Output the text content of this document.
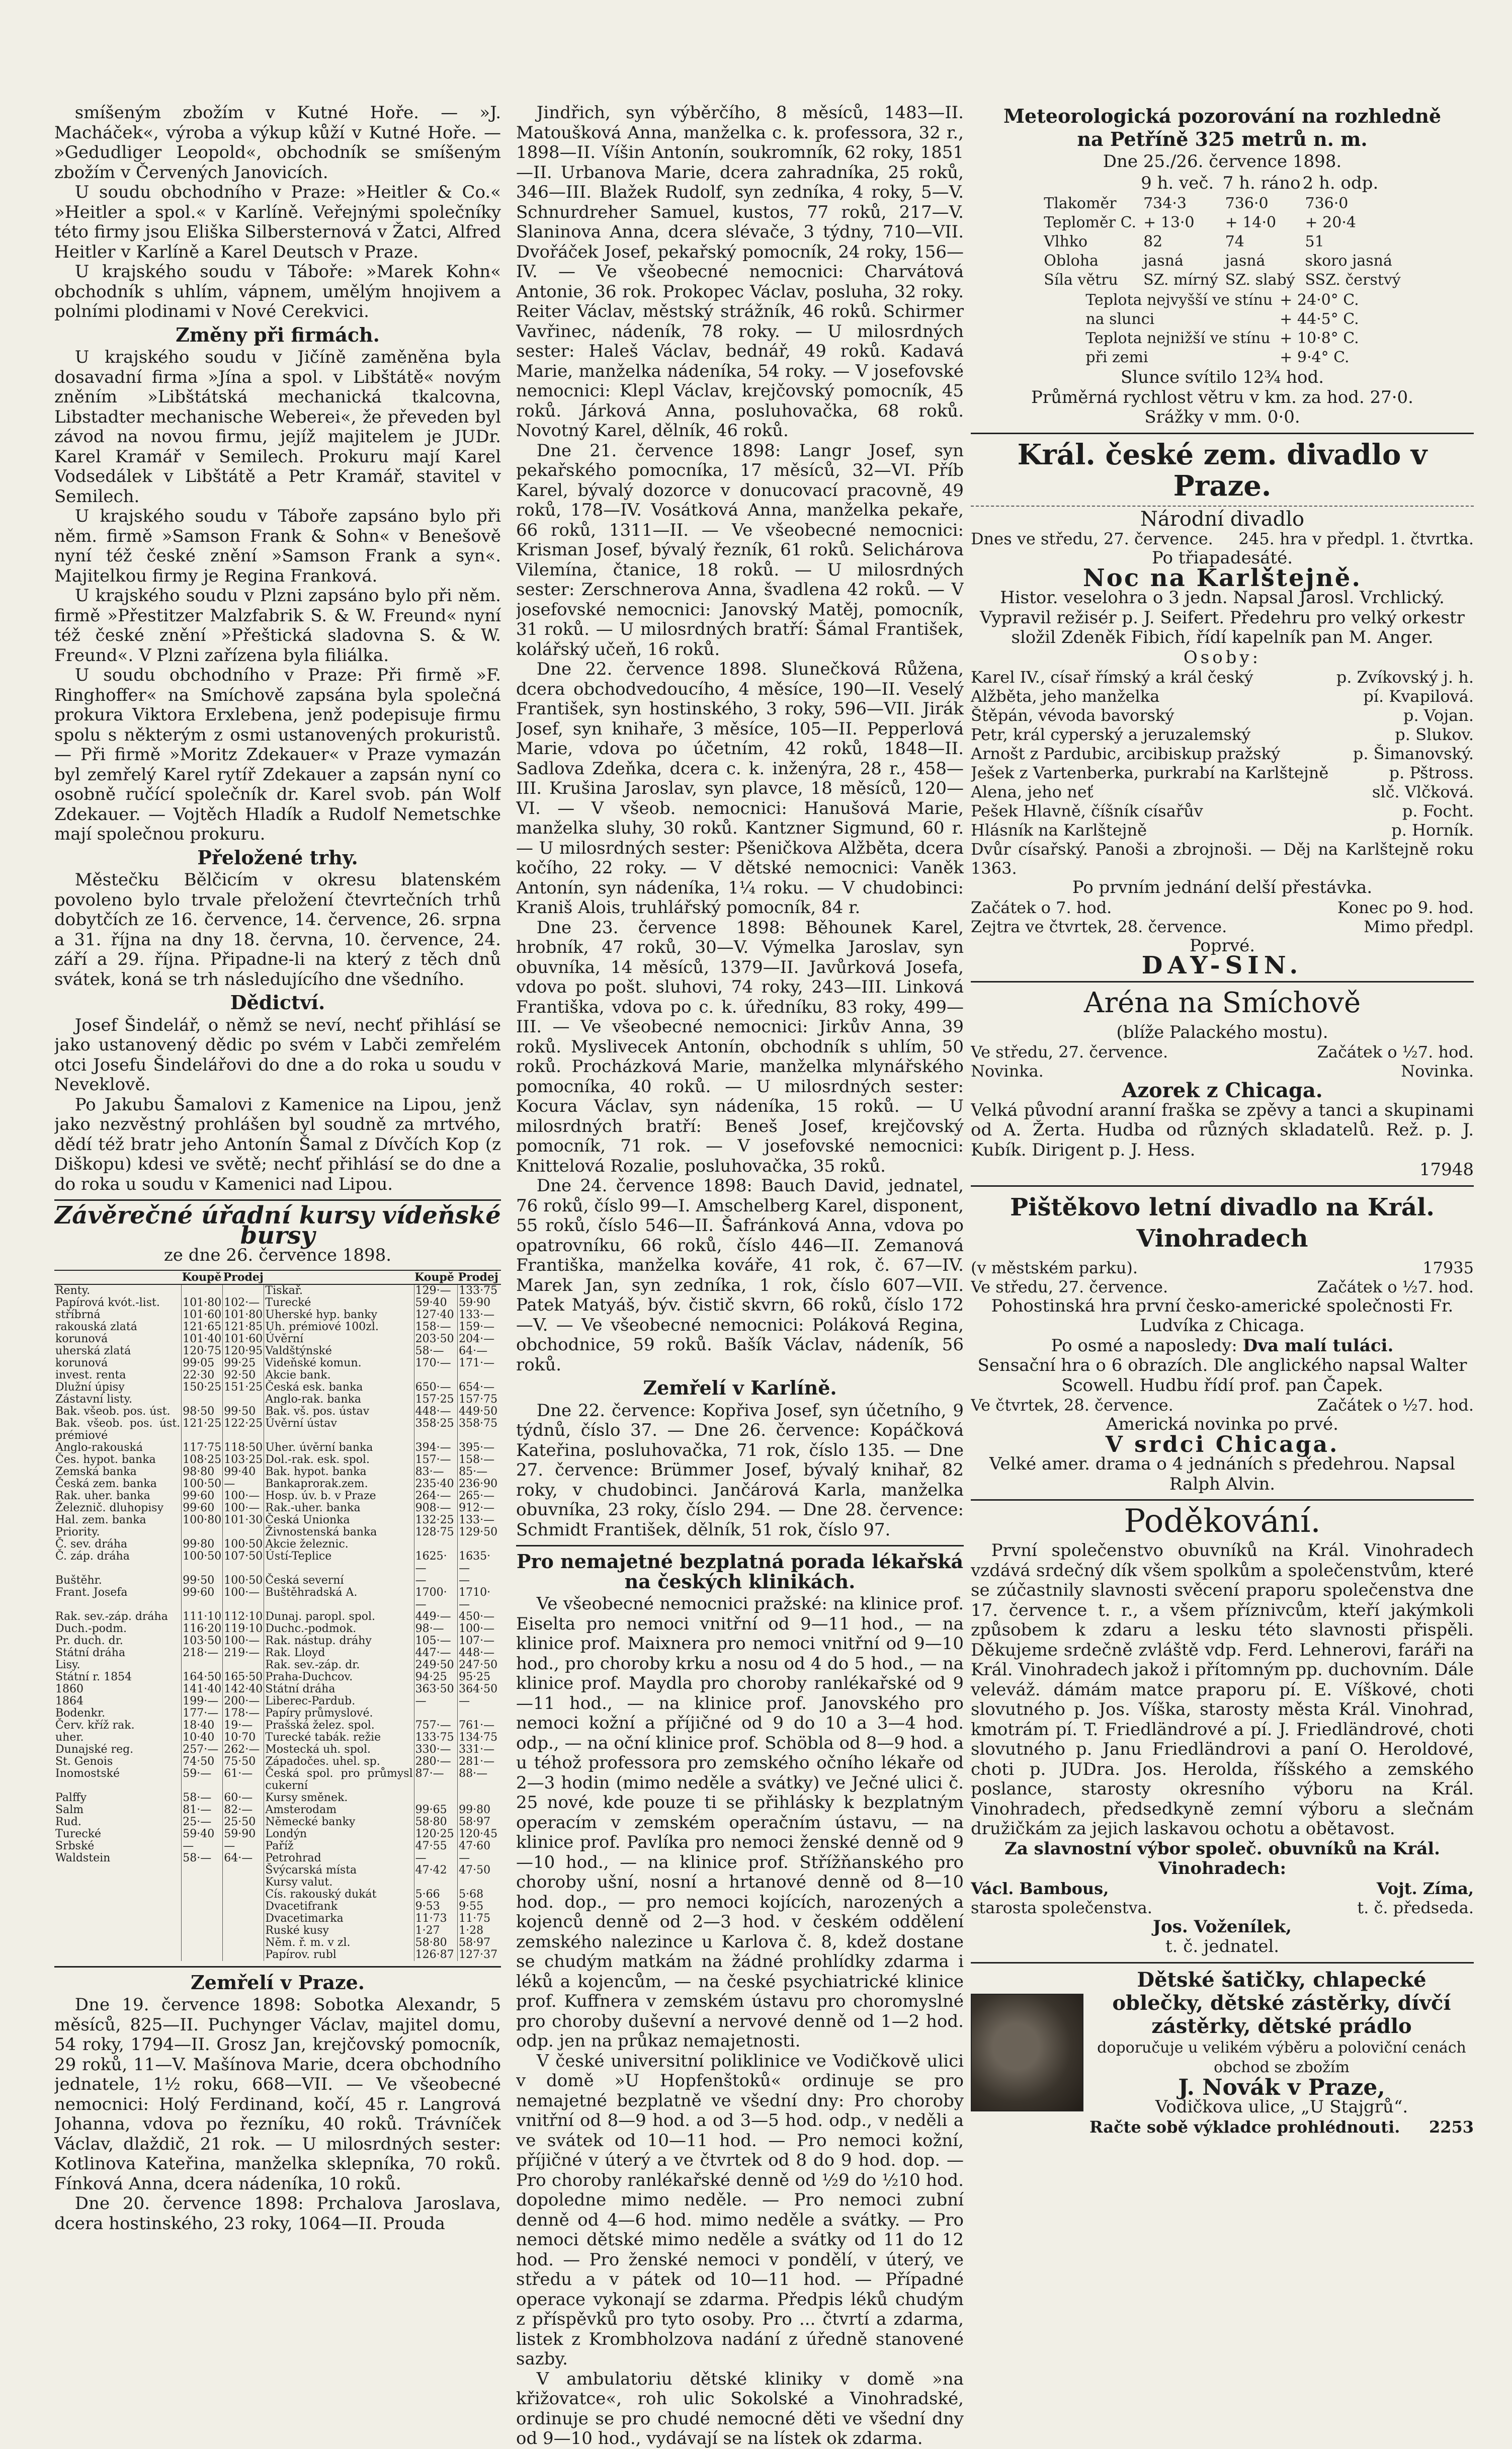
smíšeným zbožím v Kutné Hoře. — »J. Macháček«, výroba a výkup kůží v Kutné Hoře. — »Gedudliger Leopold«, obchodník se smíšeným zbožím v Červených Janovicích.

U soudu obchodního v Praze: »Heitler & Co.« »Heitler a spol.« v Karlíně. Veřejnými společníky této firmy jsou Eliška Silbersternová v Žatci, Alfred Heitler v Karlíně a Karel Deutsch v Praze.

U krajského soudu v Táboře: »Marek Kohn« obchodník s uhlím, vápnem, umělým hnojivem a polními plodinami v Nové Cerekvici.

Změny při firmách.

U krajského soudu v Jičíně zaměněna byla dosavadní firma »Jína a spol. v Libštátě« novým zněním »Libštátská mechanická tkalcovna, Libstadter mechanische Weberei«, že převeden byl závod na novou firmu, jejíž majitelem je JUDr. Karel Kramář v Semilech. Prokuru mají Karel Vodsedálek v Libštátě a Petr Kramář, stavitel v Semilech.

U krajského soudu v Táboře zapsáno bylo při něm. firmě »Samson Frank & Sohn« v Benešově nyní též české znění »Samson Frank a syn«. Majitelkou firmy je Regina Franková.

U krajského soudu v Plzni zapsáno bylo při něm. firmě »Přestitzer Malzfabrik S. & W. Freund« nyní též české znění »Přeštická sladovna S. & W. Freund«. V Plzni zařízena byla filiálka.

U soudu obchodního v Praze: Při firmě »F. Ringhoffer« na Smíchově zapsána byla společná prokura Viktora Erxlebena, jenž podepisuje firmu spolu s některým z osmi ustanovených prokuristů. — Při firmě »Moritz Zdekauer« v Praze vymazán byl zemřelý Karel rytíř Zdekauer a zapsán nyní co osobně ručící společník dr. Karel svob. pán Wolf Zdekauer. — Vojtěch Hladík a Rudolf Nemetschke mají společnou prokuru.

Přeložené trhy.

Městečku Bělčicím v okresu blatenském povoleno bylo trvale přeložení čtevrtečních trhů dobytčích ze 16. července, 14. července, 26. srpna a 31. října na dny 18. června, 10. července, 24. září a 29. října. Připadne-li na který z těch dnů svátek, koná se trh následujícího dne všedního.

Dědictví.

Josef Šindelář, o němž se neví, nechť přihlásí se jako ustanovený dědic po svém v Labči zemřelém otci Josefu Šindelářovi do dne a do roka u soudu v Neveklově.

Po Jakubu Šamalovi z Kamenice na Lipou, jenž jako nezvěstný prohlášen byl soudně za mrtvého, dědí též bratr jeho Antonín Šamal z Dívčích Kop (z Diškopu) kdesi ve světě; nechť přihlásí se do dne a do roka u soudu v Kamenici nad Lipou.

Závěrečné úřadní kursy vídeňské bursy
ze dne 26. července 1898.
	Koupě	Prodej		Koupě	Prodej
Renty.			Tiskař.	129·—	133·75
Papírová kvót.-list.	101·80	102·—	Turecké	59·40	59·90
stříbrná	101·60	101·80	Uherské hyp. banky	127·40	133·—
rakouská zlatá	121·65	121·85	Uh. prémiové 100zl.	158·—	159·—
korunová	101·40	101·60	Úvěrní	203·50	204·—
uherská zlatá	120·75	120·95	Valdštýnské	58·—	64·—
korunová	99·05	99·25	Videňské komun.	170·—	171·—
invest. renta	22·30	92·50	Akcie bank.		
Dlužní úpisy	150·25	151·25	Česká esk. banka	650·—	654·—
Zástavní listy.			Anglo-rak. banka	157·25	157·75
Bak. všeob. pos. úst.	98·50	99·50	Bak. vš. pos. ústav	448·—	449·50
Bak. všeob. pos. úst. prémiové	121·25	122·25	Úvěrní ústav	358·25	358·75
Anglo-rakouská	117·75	118·50	Uher. úvěrní banka	394·—	395·—
Čes. hypot. banka	108·25	103·25	Dol.-rak. esk. spol.	157·—	158·—
Zemská banka	98·80	99·40	Bak. hypot. banka	83·—	85·—
Česká zem. banka	100·50	—	Bankaprorak.zem.	235·40	236·90
Rak. uher. banka	99·60	100·—	Hosp. úv. b. v Praze	264·—	265·—
Železnič. dluhopisy	99·60	100·—	Rak.-uher. banka	908·—	912·—
Hal. zem. banka	100·80	101·30	Česká Unionka	132·25	133·—
Priority.			Živnostenská banka	128·75	129·50
Č. sev. dráha	99·80	100·50	Akcie železnic.		
Č. záp. dráha	100·50	107·50	Ústí-Teplice	1625·—	1635·—
Buštěhr.	99·50	100·50	Česká severní	—	—
Frant. Josefa	99·60	100·—	Buštěhradská A.	1700·—	1710·—
Rak. sev.-záp. dráha	111·10	112·10	Dunaj. paropl. spol.	449·—	450·—
Duch.-podm.	116·20	119·10	Duchc.-podmok.	98·—	100·—
Pr. duch. dr.	103·50	100·—	Rak. nástup. dráhy	105·—	107·—
Státní dráha	218·—	219·—	Rak. Lloyd	447·—	448·—
Lisy.			Rak. sev.-záp. dr.	249·50	247·50
Státní r. 1854	164·50	165·50	Praha-Duchcov.	94·25	95·25
1860	141·40	142·40	Státní dráha	363·50	364·50
1864	199·—	200·—	Liberec-Pardub.	—	—
Bodenkr.	177·—	178·—	Papíry průmyslové.		
Červ. kříž rak.	18·40	19·—	Prašská želez. spol.	757·—	761·—
uher.	10·40	10·70	Turecké tabák. režie	133·75	134·75
Dunajské reg.	257·—	262·—	Mostecká uh. spol.	330·—	331·—
St. Genois	74·50	75·50	Západočes. uhel. sp.	280·—	281·—
Inomostské	59·—	61·—	Česká spol. pro průmysl cukerní	87·—	88·—
Palffy	58·—	60·—	Kursy směnek.		
Salm	81·—	82·—	Amsterodam	99·65	99·80
Rud.	25·—	25·50	Německé banky	58·80	58·97
Turecké	59·40	59·90	Londýn	120·25	120·45
Srbské	—	—	Paříž	47·55	47·60
Waldstein	58·—	64·—	Petrohrad	—	—
			Švýcarská místa	47·42	47·50
			Kursy valut.		
			Cís. rakouský dukát	5·66	5·68
			Dvacetifrank	9·53	9·55
			Dvacetimarka	11·73	11·75
			Ruské kusy	1·27	1·28
			Něm. ř. m. v zl.	58·80	58·97
			Papírov. rubl	126·87	127·37
Zemřelí v Praze.

Dne 19. července 1898: Sobotka Alexandr, 5 měsíců, 825—II. Puchynger Václav, majitel domu, 54 roky, 1794—II. Grosz Jan, krejčovský pomocník, 29 roků, 11—V. Mašínova Marie, dcera obchodního jednatele, 1½ roku, 668—VII. — Ve všeobecné nemocnici: Holý Ferdinand, kočí, 45 r. Langrová Johanna, vdova po řezníku, 40 roků. Trávníček Václav, dlaždič, 21 rok. — U milosrdných sester: Kotlinova Kateřina, manželka sklepníka, 70 roků. Fínková Anna, dcera nádeníka, 10 roků.

Dne 20. července 1898: Prchalova Jaroslava, dcera hostinského, 23 roky, 1064—II. Prouda

Jindřich, syn výběrčího, 8 měsíců, 1483—II. Matoušková Anna, manželka c. k. professora, 32 r., 1898—II. Víšin Antonín, soukromník, 62 roky, 1851—II. Urbanova Marie, dcera zahradníka, 25 roků, 346—III. Blažek Rudolf, syn zedníka, 4 roky, 5—V. Schnurdreher Samuel, kustos, 77 roků, 217—V. Slaninova Anna, dcera slévače, 3 týdny, 710—VII. Dvořáček Josef, pekařský pomocník, 24 roky, 156—IV. — Ve všeobecné nemocnici: Charvátová Antonie, 36 rok. Prokopec Václav, posluha, 32 roky. Reiter Václav, městský strážník, 46 roků. Schirmer Vavřinec, nádeník, 78 roky. — U milosrdných sester: Haleš Václav, bednář, 49 roků. Kadavá Marie, manželka nádeníka, 54 roky. — V josefovské nemocnici: Klepl Václav, krejčovský pomocník, 45 roků. Járková Anna, posluhovačka, 68 roků. Novotný Karel, dělník, 46 roků.

Dne 21. července 1898: Langr Josef, syn pekařského pomocníka, 17 měsíců, 32—VI. Příb Karel, bývalý dozorce v donucovací pracovně, 49 roků, 178—IV. Vosátková Anna, manželka pekaře, 66 roků, 1311—II. — Ve všeobecné nemocnici: Krisman Josef, bývalý řezník, 61 roků. Selichárova Vilemína, čtanice, 18 roků. — U milosrdných sester: Zerschnerova Anna, švadlena 42 roků. — V josefovské nemocnici: Janovský Matěj, pomocník, 31 roků. — U milosrdných bratří: Šámal František, kolářský učeň, 16 roků.

Dne 22. července 1898. Slunečková Růžena, dcera obchodvedoucího, 4 měsíce, 190—II. Veselý František, syn hostinského, 3 roky, 596—VII. Jirák Josef, syn knihaře, 3 měsíce, 105—II. Pepperlová Marie, vdova po účetním, 42 roků, 1848—II. Sadlova Zdeňka, dcera c. k. inženýra, 28 r., 458—III. Krušina Jaroslav, syn plavce, 18 měsíců, 120—VI. — V všeob. nemocnici: Hanušová Marie, manželka sluhy, 30 roků. Kantzner Sigmund, 60 r. — U milosrdných sester: Pšeničkova Alžběta, dcera kočího, 22 roky. — V dětské nemocnici: Vaněk Antonín, syn nádeníka, 1¼ roku. — V chudobinci: Kraniš Alois, truhlářský pomocník, 84 r.

Dne 23. července 1898: Běhounek Karel, hrobník, 47 roků, 30—V. Výmelka Jaroslav, syn obuvníka, 14 měsíců, 1379—II. Javůrková Josefa, vdova po pošt. sluhovi, 74 roky, 243—III. Linková Františka, vdova po c. k. úředníku, 83 roky, 499—III. — Ve všeobecné nemocnici: Jirkův Anna, 39 roků. Myslivecek Antonín, obchodník s uhlím, 50 roků. Procházková Marie, manželka mlynářského pomocníka, 40 roků. — U milosrdných sester: Kocura Václav, syn nádeníka, 15 roků. — U milosrdných bratří: Beneš Josef, krejčovský pomocník, 71 rok. — V josefovské nemocnici: Knittelová Rozalie, posluhovačka, 35 roků.

Dne 24. července 1898: Bauch David, jednatel, 76 roků, číslo 99—I. Amschelberg Karel, disponent, 55 roků, číslo 546—II. Šafránková Anna, vdova po opatrovníku, 66 roků, číslo 446—II. Zemanová Františka, manželka kováře, 41 rok, č. 67—IV. Marek Jan, syn zedníka, 1 rok, číslo 607—VII. Patek Matyáš, býv. čistič skvrn, 66 roků, číslo 172—V. — Ve všeobecné nemocnici: Poláková Regina, obchodnice, 59 roků. Bašík Václav, nádeník, 56 roků.

Zemřelí v Karlíně.

Dne 22. července: Kopřiva Josef, syn účetního, 9 týdnů, číslo 37. — Dne 26. července: Kopáčková Kateřina, posluhovačka, 71 rok, číslo 135. — Dne 27. července: Brümmer Josef, bývalý knihař, 82 roky, v chudobinci. Jančárová Karla, manželka obuvníka, 23 roky, číslo 294. — Dne 28. července: Schmidt František, dělník, 51 rok, číslo 97.

Pro nemajetné bezplatná porada lékařská na českých klinikách.

Ve všeobecné nemocnici pražské: na klinice prof. Eiselta pro nemoci vnitřní od 9—11 hod., — na klinice prof. Maixnera pro nemoci vnitřní od 9—10 hod., pro choroby krku a nosu od 4 do 5 hod., — na klinice prof. Maydla pro choroby ranlékařské od 9—11 hod., — na klinice prof. Janovského pro nemoci kožní a příjičné od 9 do 10 a 3—4 hod. odp., — na oční klinice prof. Schöbla od 8—9 hod. a u téhož professora pro zemského očního lékaře od 2—3 hodin (mimo neděle a svátky) ve Ječné ulici č. 25 nové, kde pouze ti se přihlásky k bezplatným operacím v zemském operačním ústavu, — na klinice prof. Pavlíka pro nemoci ženské denně od 9—10 hod., — na klinice prof. Střížňanského pro choroby ušní, nosní a hrtanové denně od 8—10 hod. dop., — pro nemoci kojících, narozených a kojenců denně od 2—3 hod. v českém oddělení zemského nalezince u Karlova č. 8, kdež dostane se chudým matkám na žádné prohlídky zdarma i léků a kojencům, — na české psychiatrické klinice prof. Kuffnera v zemském ústavu pro choromyslné pro choroby duševní a nervové denně od 1—2 hod. odp. jen na průkaz nemajetnosti.

V české universitní poliklinice ve Vodičkově ulici v domě »U Hopfenštoků« ordinuje se pro nemajetné bezplatně ve všední dny: Pro choroby vnitřní od 8—9 hod. a od 3—5 hod. odp., v neděli a ve svátek od 10—11 hod. — Pro nemoci kožní, příjičné v úterý a ve čtvrtek od 8 do 9 hod. dop. — Pro choroby ranlékařské denně od ½9 do ½10 hod. dopoledne mimo neděle. — Pro nemoci zubní denně od 4—6 hod. mimo neděle a svátky. — Pro nemoci dětské mimo neděle a svátky od 11 do 12 hod. — Pro ženské nemoci v pondělí, v úterý, ve středu a v pátek od 10—11 hod. — Případné operace vykonají se zdarma. Předpis léků chudým z příspěvků pro tyto osoby. Pro ... čtvrtí a zdarma, listek z Krombholzova nadání z úředně stanovené sazby.

V ambulatoriu dětské kliniky v domě »na křižovatce«, roh ulic Sokolské a Vinohradské, ordinuje se pro chudé nemocné děti ve všední dny od 9—10 hod., vydávají se na lístek ok zdarma.

Meteorologická pozorování na rozhledně
na Petříně 325 metrů n. m.
Dne 25./26. července 1898.
	9 h. več.	7 h. ráno	2 h. odp.
Tlakoměr	734·3	736·0	736·0
Teploměr C.	+ 13·0	+ 14·0	+ 20·4
Vlhko	82	74	51
Obloha	jasná	jasná	skoro jasná
Síla větru	SZ. mírný	SZ. slabý	SSZ. čerstvý
Teplota nejvyšší ve stínu	+ 24·0° C.
na slunci	+ 44·5° C.
Teplota nejnižší ve stínu	+ 10·8° C.
při zemi	+ 9·4° C.
Slunce svítilo 12¾ hod.
Průměrná rychlost větru v km. za hod. 27·0.
Srážky v mm. 0·0.
Král. české zem. divadlo v Praze.
Národní divadlo
Dnes ve středu, 27. července. 245. hra v předpl. 1. čtvrtka.
Po třiapadesáté.
Noc na Karlštejně.
Histor. veselohra o 3 jedn. Napsal Jarosl. Vrchlický. Vypravil režisér p. J. Seifert. Předehru pro velký orkestr složil Zdeněk Fibich, řídí kapelník pan M. Anger.
Osoby:
Karel IV., císař římský a král český	p. Zvíkovský j. h.
Alžběta, jeho manželka	pí. Kvapilová.
Štěpán, vévoda bavorský	p. Vojan.
Petr, král cyperský a jeruzalemský	p. Slukov.
Arnošt z Pardubic, arcibiskup pražský	p. Šimanovský.
Ješek z Vartenberka, purkrabí na Karlštejně	p. Pštross.
Alena, jeho neť	slč. Vlčková.
Pešek Hlavně, číšník císařův	p. Focht.
Hlásník na Karlštejně	p. Horník.
Dvůr císařský. Panoši a zbrojnoši. — Děj na Karlštejně roku 1363.
Po prvním jednání delší přestávka.
Začátek o 7. hod.	Konec po 9. hod.
Zejtra ve čtvrtek, 28. července.	Mimo předpl.
Poprvé.
DAY-SIN.
Aréna na Smíchově
(blíže Palackého mostu).
Ve středu, 27. července.	Začátek o ½7. hod.
Novinka.	Novinka.
Azorek z Chicaga.
Velká původní aranní fraška se zpěvy a tanci a skupinami od A. Žerta. Hudba od různých skladatelů. Rež. p. J. Kubík. Dirigent p. J. Hess.
17948
Pištěkovo letní divadlo na Král. Vinohradech
(v městském parku).	17935
Ve středu, 27. července.	Začátek o ½7. hod.
Pohostinská hra první česko-americké společnosti Fr. Ludvíka z Chicaga.
Po osmé a naposledy: Dva malí tuláci.
Sensační hra o 6 obrazích. Dle anglického napsal Walter Scowell. Hudbu řídí prof. pan Čapek.
Ve čtvrtek, 28. července.	Začátek o ½7. hod.
Americká novinka po prvé.
V srdci Chicaga.
Velké amer. drama o 4 jednáních s předehrou. Napsal Ralph Alvin.
Poděkování.

První společenstvo obuvníků na Král. Vinohradech vzdává srdečný dík všem spolkům a společenstvům, které se zúčastnily slavnosti svěcení praporu společenstva dne 17. července t. r., a všem příznivcům, kteří jakýmkoli způsobem k zdaru a lesku této slavnosti přispěli. Děkujeme srdečně zvláště vdp. Ferd. Lehnerovi, faráři na Král. Vinohradech jakož i přítomným pp. duchovním. Dále veleváž. dámám matce praporu pí. E. Víškové, choti slovutného p. Jos. Víška, starosty města Král. Vinohrad, kmotrám pí. T. Friedländrové a pí. J. Friedländrové, choti slovutného p. Janu Friedländrovi a paní O. Heroldové, choti p. JUDra. Jos. Herolda, říšského a zemského poslance, starosty okresního výboru na Král. Vinohradech, předsedkyně zemní výboru a slečnám družičkám za jejich laskavou ochotu a obětavost.

Za slavnostní výbor společ. obuvníků na Král. Vinohradech:
Václ. Bambous,	Vojt. Zíma,
starosta společenstva.	t. č. předseda.
Jos. Voženílek,
t. č. jednatel.
Dětské šatičky, chlapecké oblečky, dětské zástěrky, dívčí zástěrky, dětské prádlo
doporučuje u velikém výběru a poloviční cenách obchod se zbožím
J. Novák v Praze,
Vodičkova ulice, „U Stajgrů“.
Račte sobě výkladce prohlédnouti. 2253
